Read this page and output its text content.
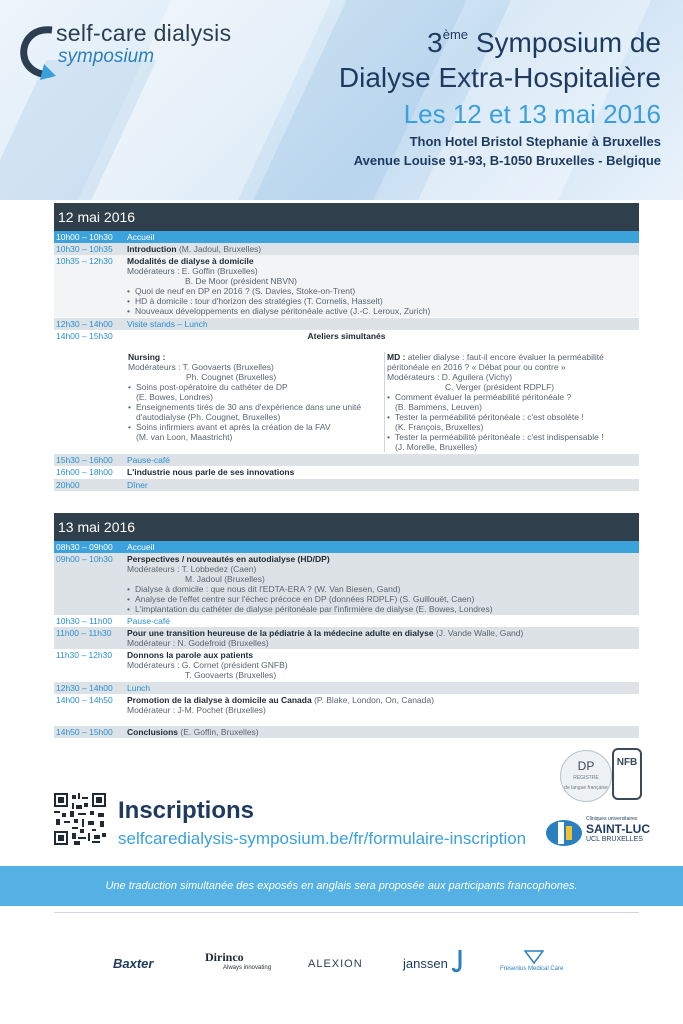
self-care dialysis
symposium	3ème Symposium de
Dialyse Extra-Hospitalière
Les 12 et 13 mai 2016
Thon Hotel Bristol Stephanie à Bruxelles
Avenue Louise 91-93, B-1050 Bruxelles - Belgique
12 mai 2016
10h00 – 10h30	Accueil
10h30 – 10h35	Introduction (M. Jadoul, Bruxelles)
10h35 – 12h30	Modalités de dialyse à domicile
Modérateurs : E. Goffin (Bruxelles)
B. De Moor (président NBVN)
• Quoi de neuf en DP en 2016 ? (S. Davies, Stoke-on-Trent)
• HD à domicile : tour d'horizon des stratégies (T. Cornelis, Hasselt)
• Nouveaux développements en dialyse péritonéale active (J.-C. Leroux, Zurich)
12h30 – 14h00	Visite stands – Lunch
14h00 – 15h30	Ateliers simultanés
Nursing :
Modérateurs : T. Goovaerts (Bruxelles)
Ph. Cougnet (Bruxelles)
• Soins post-opératoire du cathéter de DP
(E. Bowes, Londres)
• Enseignements tirés de 30 ans d'expérience dans une unité d'autodialyse (Ph. Cougnet, Bruxelles)
• Soins infirmiers avant et après la création de la FAV
(M. van Loon, Maastricht)
MD : atelier dialyse : faut-il encore évaluer la perméabilité péritonéale en 2016 ? « Débat pour ou contre »
Modérateurs : D. Aguilera (Vichy)
C. Verger (président RDPLF)
• Comment évaluer la perméabilité péritonéale ?
(B. Bammens, Leuven)
• Tester la perméabilité péritonéale : c'est obsolète !
(K. François, Bruxelles)
• Tester la perméabilité péritonéale : c'est indispensable !
(J. Morelle, Bruxelles)
15h30 – 16h00	Pause-café
16h00 – 18h00	L'industrie nous parle de ses innovations
20h00	Dîner
13 mai 2016
08h30 – 09h00	Accueil
09h00 – 10h30	Perspectives / nouveautés en autodialyse (HD/DP)
Modérateurs : T. Lobbedez (Caen)
M. Jadoul (Bruxelles)
• Dialyse à domicile : que nous dit l'EDTA-ERA ? (W. Van Biesen, Gand)
• Analyse de l'effet centre sur l'échec précoce en DP (données RDPLF) (S. Guillouët, Caen)
• L'implantation du cathéter de dialyse péritonéale par l'infirmière de dialyse (E. Bowes, Londres)
10h30 – 11h00	Pause-café
11h00 – 11h30	Pour une transition heureuse de la pédiatrie à la médecine adulte en dialyse (J. Vande Walle, Gand)
Modérateur : N. Godefroid (Bruxelles)
11h30 – 12h30	Donnons la parole aux patients
Modérateurs : G. Cornet (président GNFB)
T. Goovaerts (Bruxelles)
12h30 – 14h00	Lunch
14h00 – 14h50	Promotion de la dialyse à domicile au Canada (P. Blake, London, On, Canada)
Modérateur : J-M. Pochet (Bruxelles)
14h50 – 15h00	Conclusions (E. Goffin, Bruxelles)
DP
REGISTRE
de langue française
NFB
Cliniques universitaires
SAINT-LUC
UCL BRUXELLES
Inscriptions
selfcaredialysis-symposium.be/fr/formulaire-inscription
Une traduction simultanée des exposés en anglais sera proposée aux participants francophones.
Baxter	Dirinco
Always innovating	ALEXION	janssen	Fresenius Medical Care
